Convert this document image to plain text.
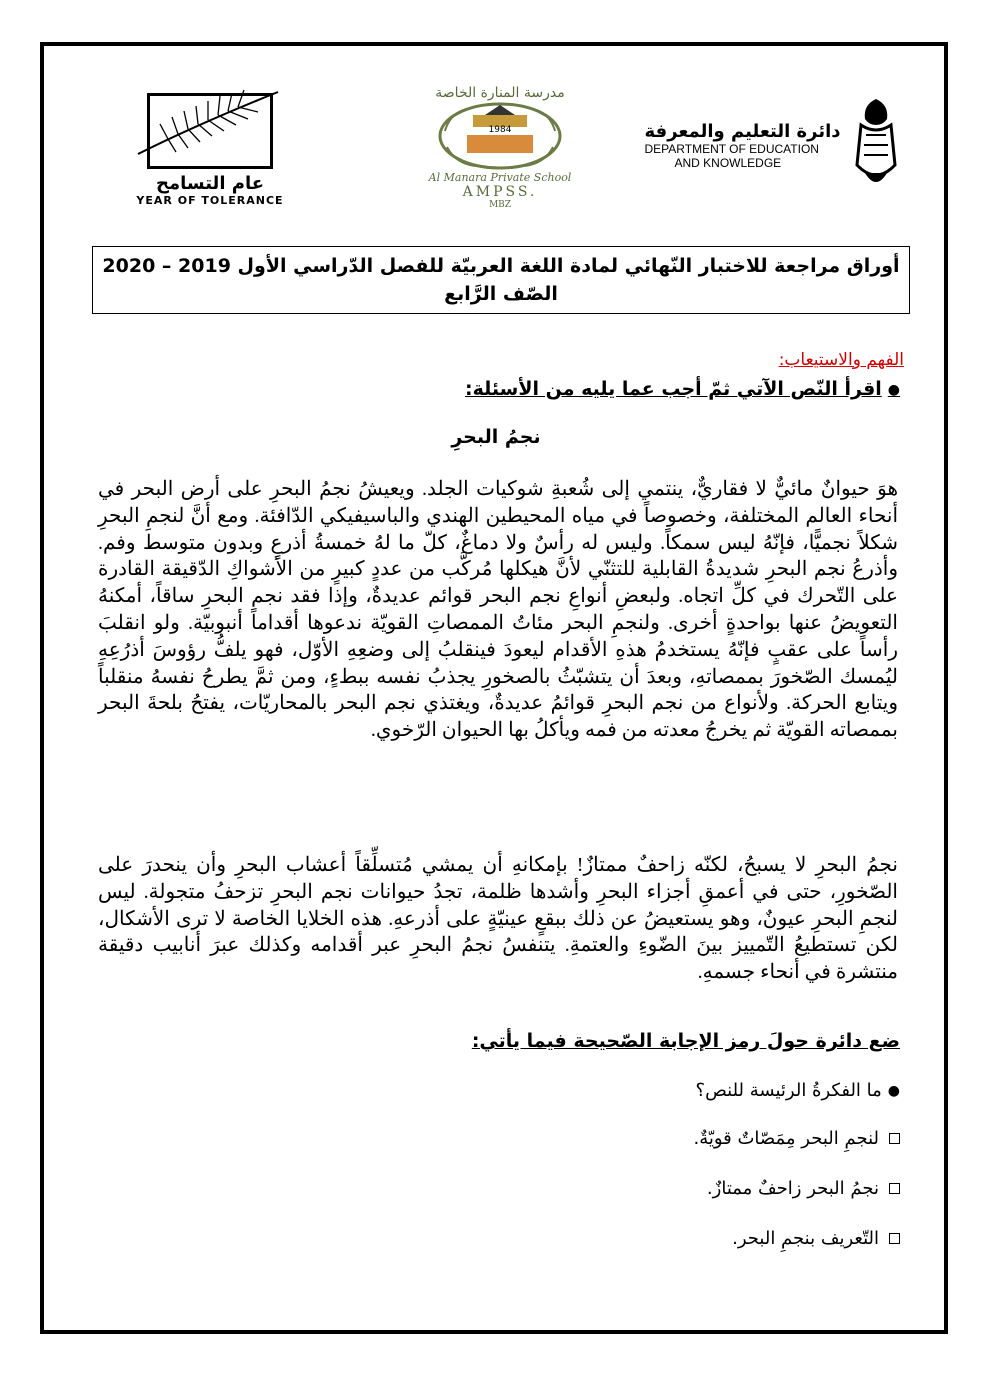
عام التسامح
YEAR OF TOLERANCE
مدرسة المنارة الخاصة
1984
Al Manara Private School
AMPSS.
MBZ
دائرة التعليم والمعرفة
DEPARTMENT OF EDUCATION
AND KNOWLEDGE
أوراق مراجعة للاختبار النّهائي لمادة اللغة العربيّة للفصل الدّراسي الأول 2019 – 2020
الصّف الرَّابع
الفهم والاستيعاب:
●اقرأ النّص الآتي ثمّ أجب عما يليه من الأسئلة:
نجمُ البحرِ

هوَ حيوانٌ مائيٌّ لا فقاريٌّ، ينتمي إلى شُعبةِ شوكيات الجلد. ويعيشُ نجمُ البحرِ على أرض البحر في أنحاء العالم المختلفة، وخصوصاً في مياه المحيطين الهندي والباسيفيكي الدّافئة. ومع أنَّ لنجمِ البحرِ شكلاً نجميًّا، فإنّهُ ليس سمكاً. وليس له رأسٌ ولا دماغٌ، كلّ ما لهُ خمسةُ أذرعٍ وبدون متوسط وفم. وأذرعُ نجم البحرِ شديدةُ القابلية للتثنّي لأنَّ هيكلها مُركَّب من عددٍ كبيرٍ من الأشواكِ الدّقيقة القادرة على التّحرك في كلِّ اتجاه. ولبعضِ أنواعِ نجم البحر قوائم عديدةٌ، وإذا فقد نجم البحرِ ساقاً، أمكنهُ التعويضُ عنها بواحدةٍ أخرى. ولنجمِ البحر مئاتُ الممصاتِ القويّة ندعوها أقداماً أنبوبيّة. ولو انقلبَ رأساً على عقبٍ فإنّهُ يستخدمُ هذهِ الأقدام ليعودَ فينقلبُ إلى وضعِهِ الأوّل، فهو يلفُّ رؤوسَ أذرُعِهِ ليُمسك الصّخورَ بممصاتهِ، وبعدَ أن يتشبّثُ بالصخورِ يجذبُ نفسه ببطءٍ، ومن ثمَّ يطرحُ نفسهُ منقلباً ويتابع الحركة. ولأنواع من نجم البحرِ قوائمُ عديدةٌ، ويغتذي نجم البحر بالمحاريّات، يفتحُ بلحةَ البحر بممصاته القويّة ثم يخرجُ معدته من فمه ويأكلُ بها الحيوان الرّخوي.

نجمُ البحرِ لا يسبحُ، لكنّه زاحفٌ ممتازٌ! بإمكانهِ أن يمشي مُتسلِّقاً أعشاب البحرِ وأن ينحدرَ على الصّخورِ، حتى في أعمقِ أجزاء البحرِ وأشدها ظلمة، تجدُ حيوانات نجم البحرِ تزحفُ متجولة. ليس لنجمِ البحرِ عيونٌ، وهو يستعيضُ عن ذلك ببقعٍ عينيّةٍ على أذرعهِ. هذه الخلايا الخاصة لا ترى الأشكال، لكن تستطيعُ التّمييز بينَ الضّوءِ والعتمةِ. يتنفسُ نجمُ البحرِ عبر أقدامه وكذلك عبرَ أنابيب دقيقة منتشرة في أنحاء جسمهِ.

ضع دائرة حولَ رمز الإجابة الصّحيحة فيما يأتي:
●ما الفكرةُ الرئيسة للنص؟
لنجمِ البحر مِمَصّاتٌ قويّةٌ.
نجمُ البحر زاحفٌ ممتازٌ.
التّعريف بنجمِ البحر.
